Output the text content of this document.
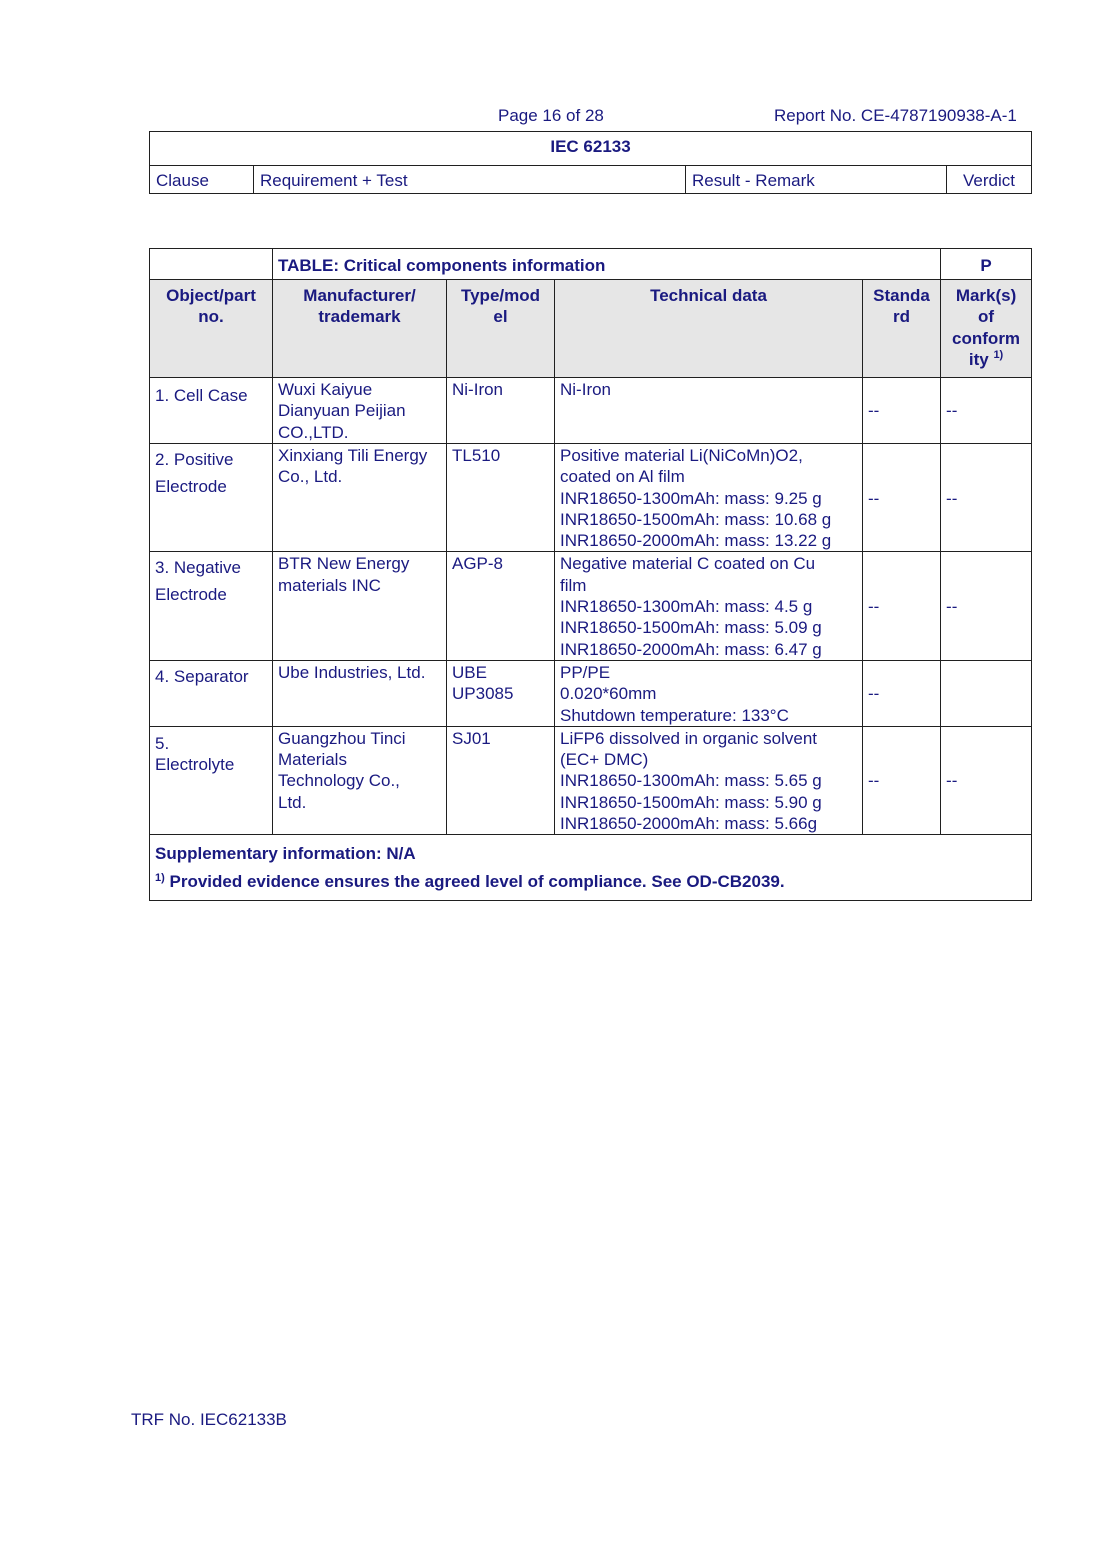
Page 16 of 28	Report No. CE-4787190938-A-1
IEC 62133
Clause	Requirement + Test	Result - Remark	Verdict
	TABLE: Critical components information				P

Object/part
no.	Manufacturer/
trademark	Type/mod
el	Technical data	Standa
rd	Mark(s)
of
conform
ity $^{1)}$

1. Cell Case	Wuxi Kaiyue
Dianyuan Peijian
CO.,LTD.	Ni-Iron	Ni-Iron	--	--

2. Positive
Electrode	Xinxiang Tili Energy
Co., Ltd.	TL510	Positive material Li(NiCoMn)O2,
coated on Al film
INR18650-1300mAh: mass: 9.25 g
INR18650-1500mAh: mass: 10.68 g
INR18650-2000mAh: mass: 13.22 g	--	--

3. Negative
Electrode	BTR New Energy
materials INC	AGP-8	Negative material C coated on Cu
film
INR18650-1300mAh: mass: 4.5 g
INR18650-1500mAh: mass: 5.09 g
INR18650-2000mAh: mass: 6.47 g	--	--

4. Separator	Ube Industries, Ltd.	UBE
UP3085	PP/PE
0.020*60mm
Shutdown temperature: 133°C	--	

5.
Electrolyte	Guangzhou Tinci
Materials
Technology Co.,
Ltd.	SJ01	LiFP6 dissolved in organic solvent
(EC+ DMC)
INR18650-1300mAh: mass: 5.65 g
INR18650-1500mAh: mass: 5.90 g
INR18650-2000mAh: mass: 5.66g	--	--

Supplementary information: N/A
$^{1)}$ Provided evidence ensures the agreed level of compliance. See OD-CB2039.					
TRF No. IEC62133B
